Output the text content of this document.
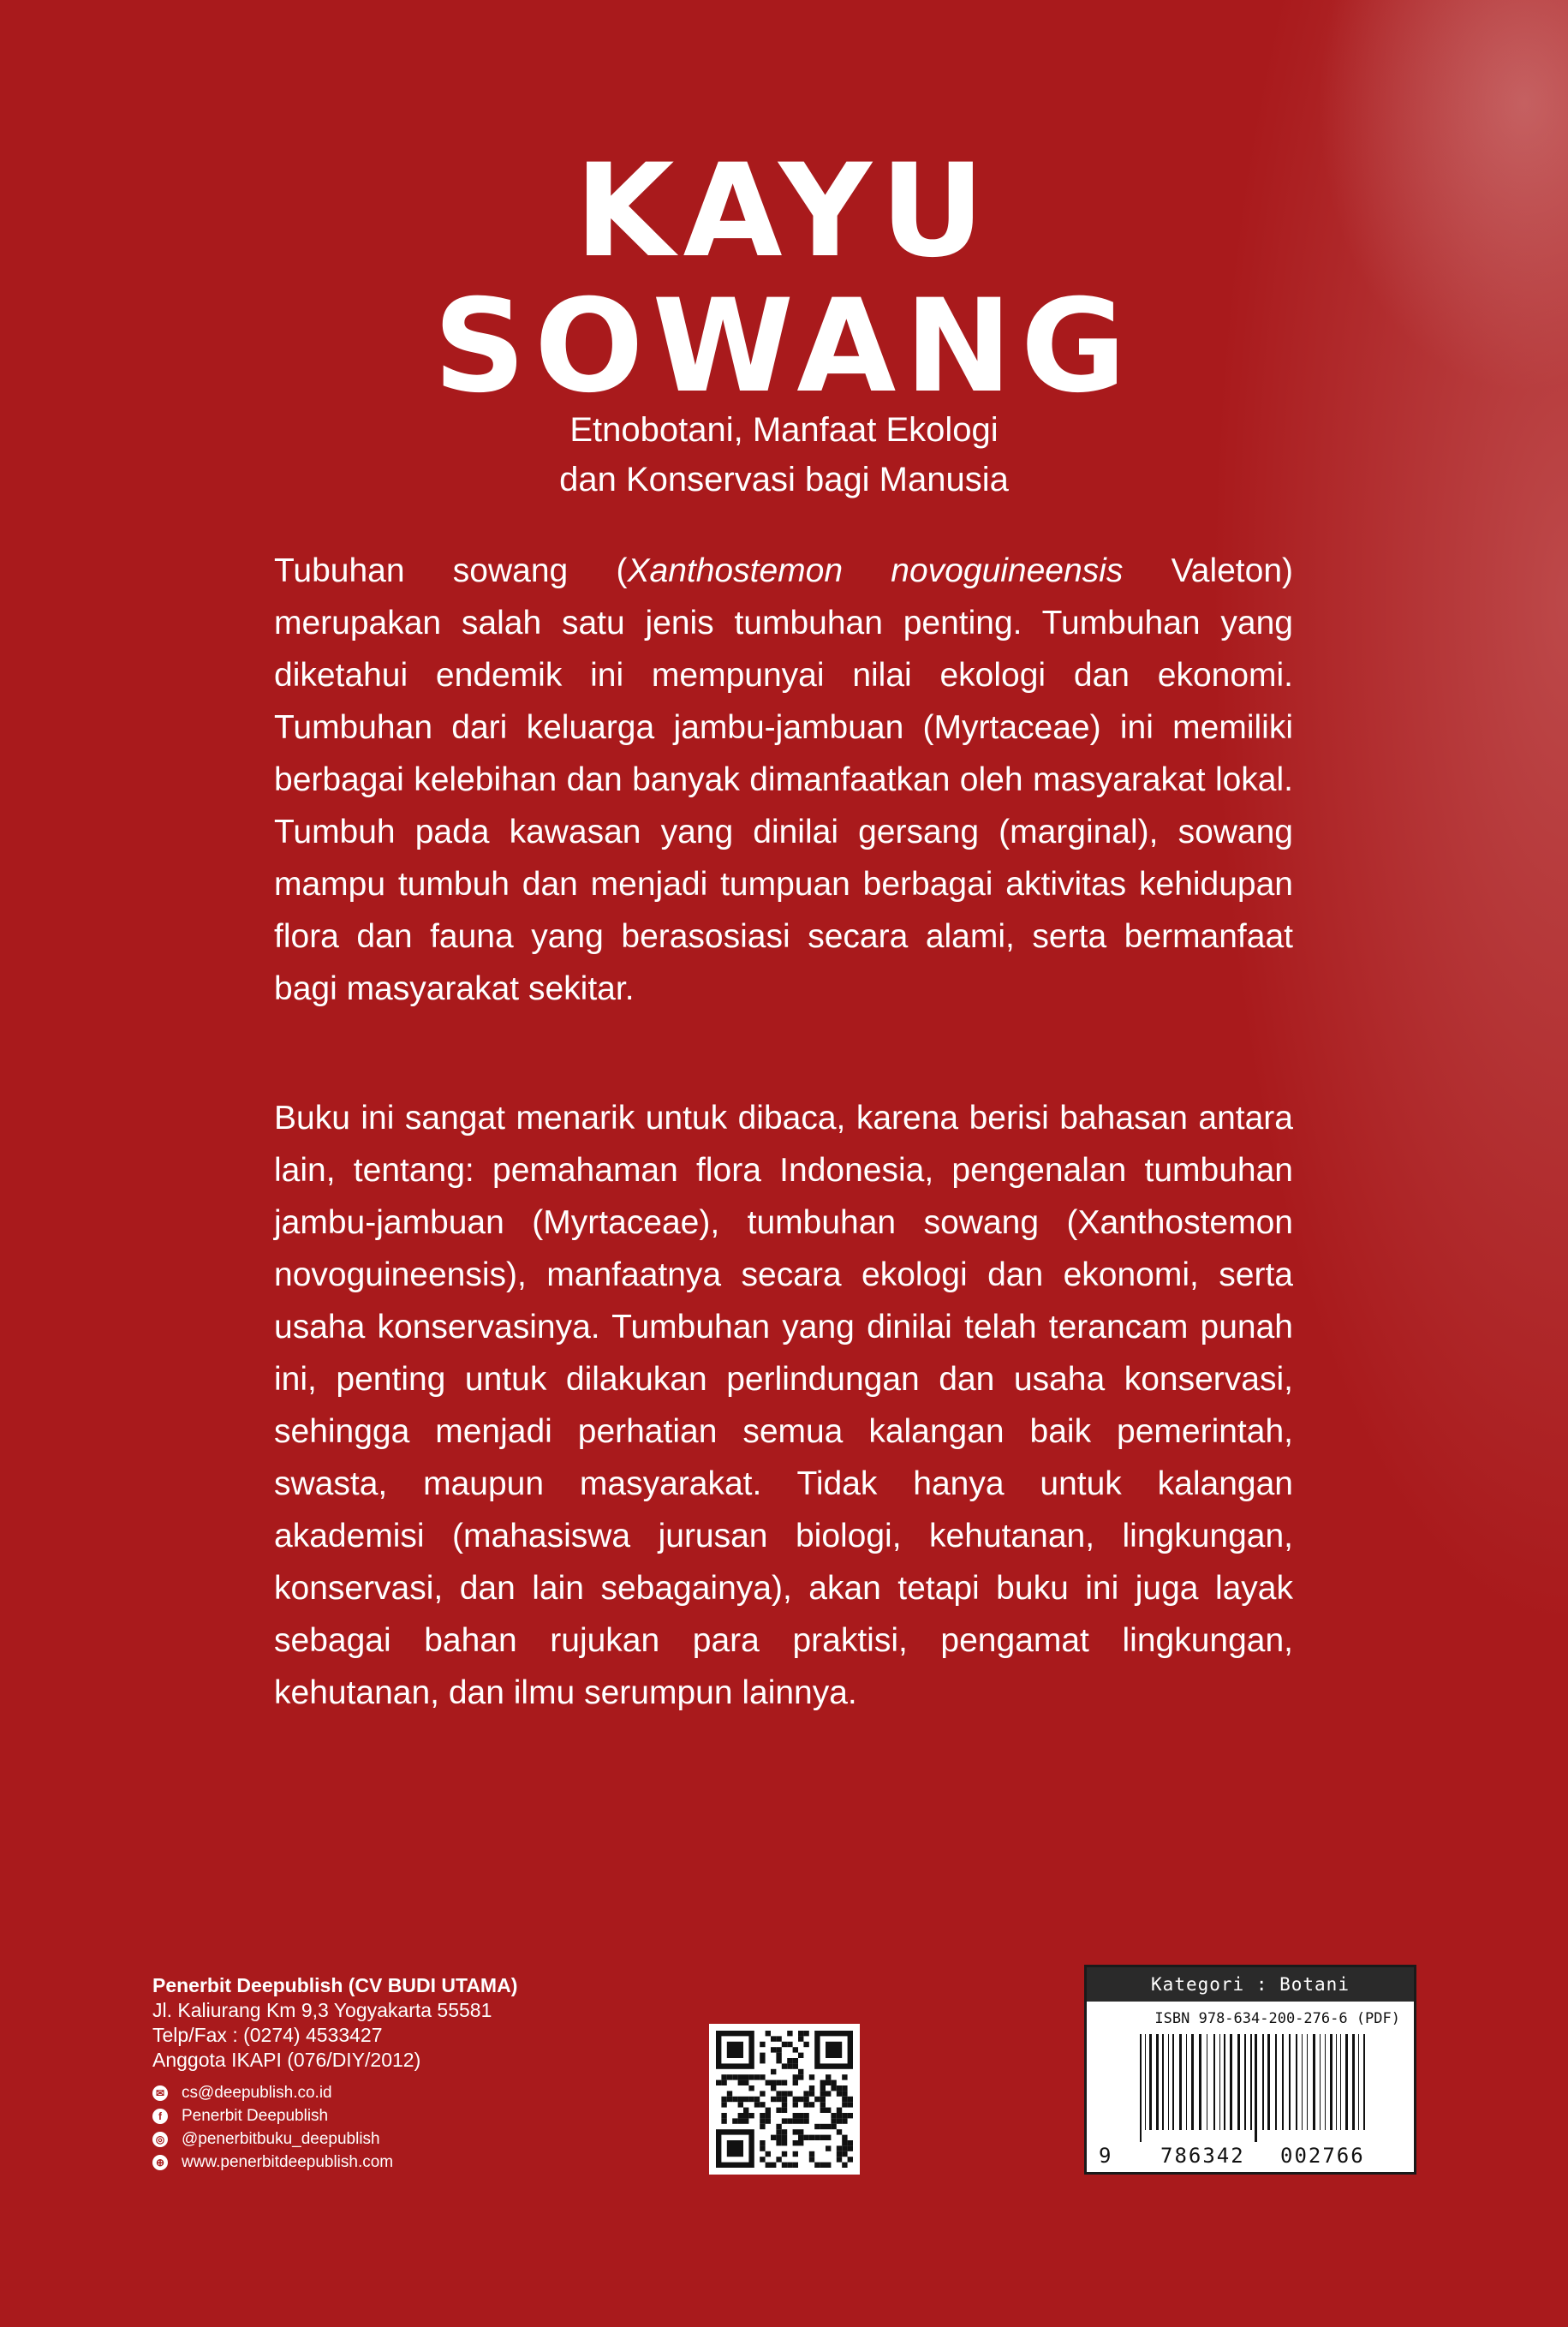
KAYU
SOWANG
Etnobotani, Manfaat Ekologi
dan Konservasi bagi Manusia

Tubuhan sowang (Xanthostemon novoguineensis Valeton) merupakan salah satu jenis tumbuhan penting. Tumbuhan yang diketahui endemik ini mempunyai nilai ekologi dan ekonomi. Tumbuhan dari keluarga jambu-jambuan (Myrtaceae) ini memiliki berbagai kelebihan dan banyak dimanfaatkan oleh masyarakat lokal. Tumbuh pada kawasan yang dinilai gersang (marginal), sowang mampu tumbuh dan menjadi tumpuan berbagai aktivitas kehidupan flora dan fauna yang berasosiasi secara alami, serta bermanfaat bagi masyarakat sekitar.

Buku ini sangat menarik untuk dibaca, karena berisi bahasan antara lain, tentang: pemahaman flora Indonesia, pengenalan tumbuhan jambu-jambuan (Myrtaceae), tumbuhan sowang (Xanthostemon novoguineensis), manfaatnya secara ekologi dan ekonomi, serta usaha konservasinya. Tumbuhan yang dinilai telah terancam punah ini, penting untuk dilakukan perlindungan dan usaha konservasi, sehingga menjadi perhatian semua kalangan baik pemerintah, swasta, maupun masyarakat. Tidak hanya untuk kalangan akademisi (mahasiswa jurusan biologi, kehutanan, lingkungan, konservasi, dan lain sebagainya), akan tetapi buku ini juga layak sebagai bahan rujukan para praktisi, pengamat lingkungan, kehutanan, dan ilmu serumpun lainnya.

Penerbit Deepublish (CV BUDI UTAMA)
Jl. Kaliurang Km 9,3 Yogyakarta 55581
Telp/Fax : (0274) 4533427
Anggota IKAPI (076/DIY/2012)
✉ cs@deepublish.co.id
f	Penerbit Deepublish
◎ @penerbitbuku_deepublish
⊕ www.penerbitdeepublish.com
Kategori : Botani
ISBN 978-634-200-276-6 (PDF)
9 786342 002766
